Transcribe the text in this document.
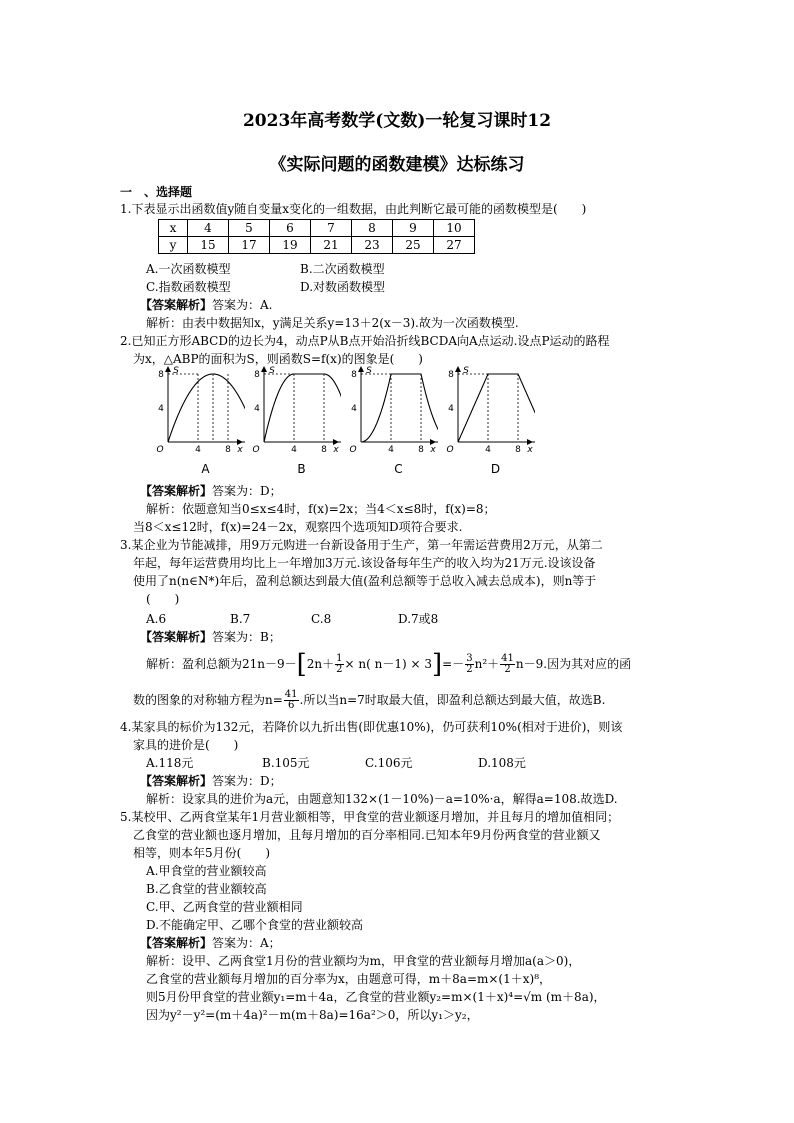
2023年高考数学(文数)一轮复习课时12
《实际问题的函数建模》达标练习
一　、选择题
1.下表显示出函数值y随自变量x变化的一组数据，由此判断它最可能的函数模型是(　　)
x	4	5	6	7	8	9	10
y	15	17	19	21	23	25	27
A.一次函数模型	B.二次函数模型
C.指数函数模型	D.对数函数模型
【答案解析】答案为：A.
解析：由表中数据知x，y满足关系y=13＋2(x－3).故为一次函数模型.
2.已知正方形ABCD的边长为4，动点P从B点开始沿折线BCDA向A点运动.设点P运动的路程
为x，△ABP的面积为S，则函数S=f(x)的图象是(　　)
S
8
4
O	4	8 x
A
S
8
4
O	4	8 x
B
S
8
4
O	4	8 x
C
S
8
4
O	4	8 x
D
【答案解析】答案为：D；
解析：依题意知当0≤x≤4时，f(x)=2x；当4＜x≤8时，f(x)=8；
当8＜x≤12时，f(x)=24－2x，观察四个选项知D项符合要求.
3.某企业为节能减排，用9万元购进一台新设备用于生产，第一年需运营费用2万元，从第二
年起，每年运营费用均比上一年增加3万元.该设备每年生产的收入均为21万元.设该设备
使用了n(n∈N*)年后，盈利总额达到最大值(盈利总额等于总收入减去总成本)，则n等于
(　　)
A.6	B.7	C.8	D.7或8
【答案解析】答案为：B；
解析：盈利总额为$21n-9-[2n+ \frac{1}{2} \times n$( $n-1) \times 3]=- \frac{3}{2} n^2+ \frac{41}{2} n-9$.因为其对应的函
数的图象的对称轴方程为$n= \frac{41}{6}$ .所以当n=7时取最大值，即盈利总额达到最大值，故选B.
4.某家具的标价为132元，若降价以九折出售(即优惠10%)，仍可获利10%(相对于进价)，则该
家具的进价是(　　)
A.118元	B.105元	C.106元	D.108元
【答案解析】答案为：D；
解析：设家具的进价为a元，由题意知132×(1－10%)－a=10%·a，解得a=108.故选D.
5.某校甲、乙两食堂某年1月营业额相等，甲食堂的营业额逐月增加，并且每月的增加值相同；
乙食堂的营业额也逐月增加，且每月增加的百分率相同.已知本年9月份两食堂的营业额又
相等，则本年5月份(　　)
A.甲食堂的营业额较高
B.乙食堂的营业额较高
C.甲、乙两食堂的营业额相同
D.不能确定甲、乙哪个食堂的营业额较高
【答案解析】答案为：A；
解析：设甲、乙两食堂1月份的营业额均为m，甲食堂的营业额每月增加a(a＞0)，
乙食堂的营业额每月增加的百分率为x，由题意可得，m＋8a=m×(1＋x)⁸，
则5月份甲食堂的营业额y₁=m＋4a，乙食堂的营业额y₂=m×(1＋x)⁴=√m (m＋8a)，
因为y²－y²=(m＋4a)²－m(m＋8a)=16a²＞0，所以y₁＞y₂，
